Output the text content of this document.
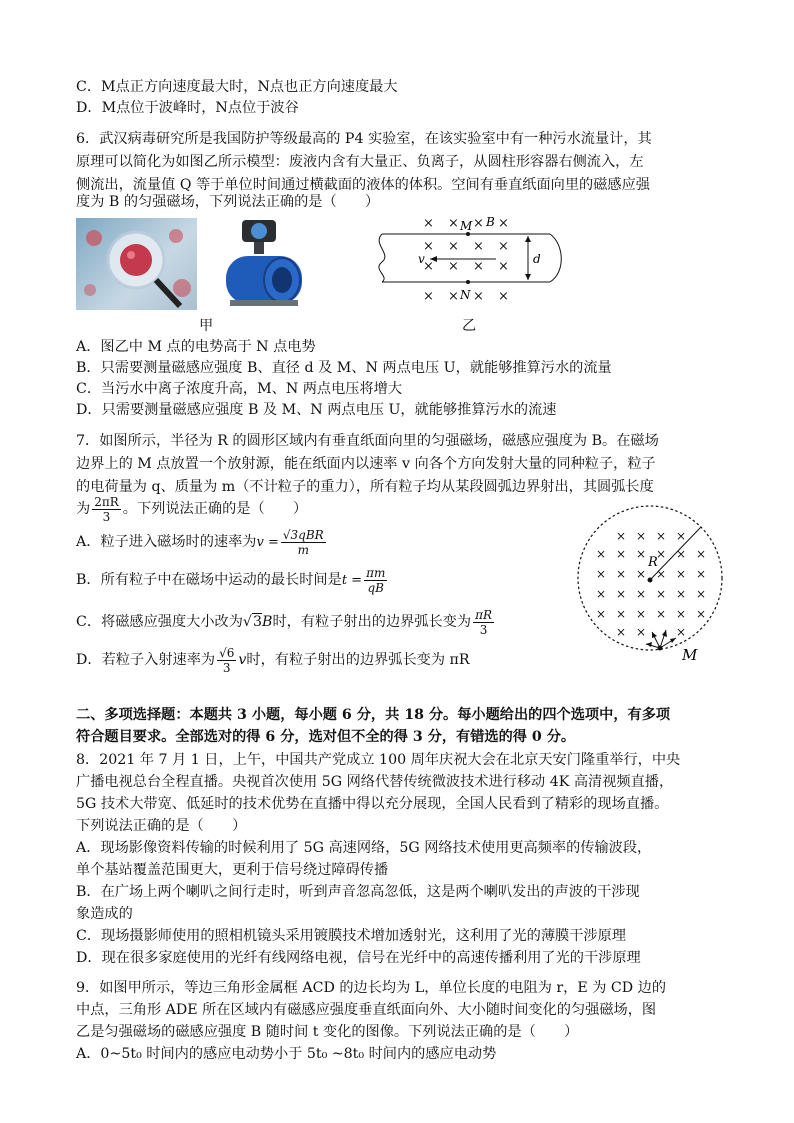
C．M点正方向速度最大时，N点也正方向速度最大
D．M点位于波峰时，N点位于波谷
6．武汉病毒研究所是我国防护等级最高的 P4 实验室，在该实验室中有一种污水流量计，其
原理可以简化为如图乙所示模型：废液内含有大量正、负离子，从圆柱形容器右侧流入，左
侧流出，流量值 Q 等于单位时间通过横截面的液体的体积。空间有垂直纸面向里的磁感应强
度为 B 的匀强磁场，下列说法正确的是（　　）
甲
× × × ×
× × × ×
× × × ×
× × × ×
M
N
B
v	d
乙
A．图乙中 M 点的电势高于 N 点电势
B．只需要测量磁感应强度 B、直径 d 及 M、N 两点电压 U，就能够推算污水的流量
C．当污水中离子浓度升高，M、N 两点电压将增大
D．只需要测量磁感应强度 B 及 M、N 两点电压 U，就能够推算污水的流速
7．如图所示，半径为 R 的圆形区域内有垂直纸面向里的匀强磁场，磁感应强度为 B。在磁场
边界上的 M 点放置一个放射源，能在纸面内以速率 v 向各个方向发射大量的同种粒子，粒子
的电荷量为 q、质量为 m（不计粒子的重力），所有粒子均从某段圆弧边界射出，其圆弧长度
为 $\frac{2\pi R}{3}$ 。下列说法正确的是（　　）
A．粒子进入磁场时的速率为$v = \frac{\text{√3qBR}}{m}$
B．所有粒子中在磁场中运动的最长时间是$t = \frac{\pi m}{qB}$
C．将磁感应强度大小改为√3B时，有粒子射出的边界弧长变为 $\frac{\pi R}{3}$
D．若粒子入射速率为 $\frac{√6}{3}$ v时，有粒子射出的边界弧长变为 πR
× × × ×
× × × × × ×
× × × × × ×
× × × × × ×
× × × × × ×
× × ×
R
M
二、多项选择题：本题共 3 小题，每小题 6 分，共 18 分。每小题给出的四个选项中，有多项
符合题目要求。全部选对的得 6 分，选对但不全的得 3 分，有错选的得 0 分。
8．2021 年 7 月 1 日，上午，中国共产党成立 100 周年庆祝大会在北京天安门隆重举行，中央
广播电视总台全程直播。央视首次使用 5G 网络代替传统微波技术进行移动 4K 高清视频直播，
5G 技术大带宽、低延时的技术优势在直播中得以充分展现，全国人民看到了精彩的现场直播。
下列说法正确的是（　　）
A．现场影像资料传输的时候利用了 5G 高速网络，5G 网络技术使用更高频率的传输波段，
单个基站覆盖范围更大，更利于信号绕过障碍传播
B．在广场上两个喇叭之间行走时，听到声音忽高忽低，这是两个喇叭发出的声波的干涉现
象造成的
C．现场摄影师使用的照相机镜头采用镀膜技术增加透射光，这利用了光的薄膜干涉原理
D．现在很多家庭使用的光纤有线网络电视，信号在光纤中的高速传播利用了光的干涉原理
9．如图甲所示，等边三角形金属框 ACD 的边长均为 L，单位长度的电阻为 r，E 为 CD 边的
中点，三角形 ADE 所在区域内有磁感应强度垂直纸面向外、大小随时间变化的匀强磁场，图
乙是匀强磁场的磁感应强度 B 随时间 t 变化的图像。下列说法正确的是（　　）
A．0~5t₀ 时间内的感应电动势小于 5t₀ ~8t₀ 时间内的感应电动势
